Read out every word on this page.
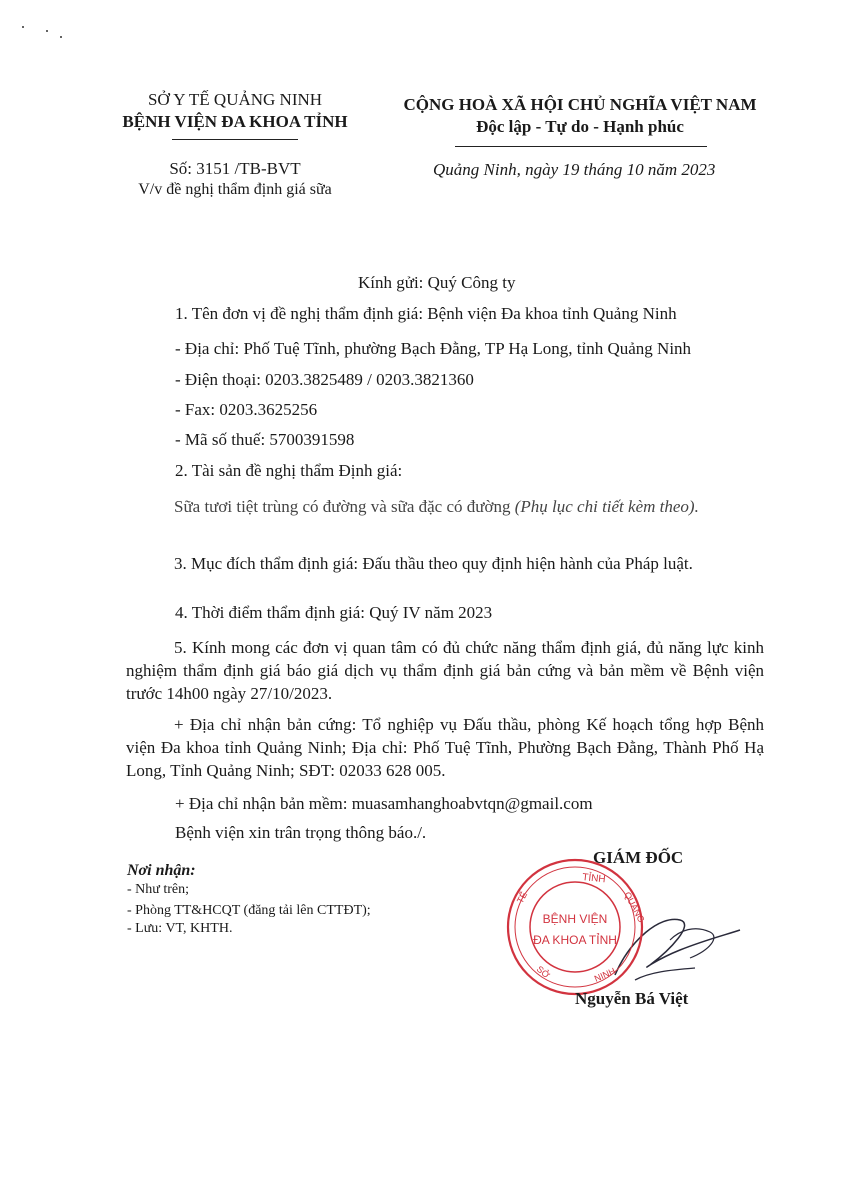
SỞ Y TẾ QUẢNG NINH
BỆNH VIỆN ĐA KHOA TỈNH
Số: 3151 /TB-BVT
V/v đề nghị thẩm định giá sữa
CỘNG HOÀ XÃ HỘI CHỦ NGHĨA VIỆT NAM
Độc lập - Tự do - Hạnh phúc
Quảng Ninh, ngày 19 tháng 10 năm 2023
Kính gửi: Quý Công ty
1. Tên đơn vị đề nghị thẩm định giá: Bệnh viện Đa khoa tỉnh Quảng Ninh
- Địa chỉ: Phố Tuệ Tĩnh, phường Bạch Đằng, TP Hạ Long, tỉnh Quảng Ninh
- Điện thoại: 0203.3825489 / 0203.3821360
- Fax: 0203.3625256
- Mã số thuế: 5700391598
2. Tài sản đề nghị thẩm Định giá:
Sữa tươi tiệt trùng có đường và sữa đặc có đường (Phụ lục chi tiết kèm theo).
3. Mục đích thẩm định giá: Đấu thầu theo quy định hiện hành của Pháp luật.
4. Thời điểm thẩm định giá: Quý IV năm 2023
5. Kính mong các đơn vị quan tâm có đủ chức năng thẩm định giá, đủ năng lực kinh nghiệm thẩm định giá báo giá dịch vụ thẩm định giá bản cứng và bản mềm về Bệnh viện trước 14h00 ngày 27/10/2023.
+ Địa chỉ nhận bản cứng: Tổ nghiệp vụ Đấu thầu, phòng Kế hoạch tổng hợp Bệnh viện Đa khoa tỉnh Quảng Ninh; Địa chỉ: Phố Tuệ Tĩnh, Phường Bạch Đằng, Thành Phố Hạ Long, Tỉnh Quảng Ninh; SĐT: 02033 628 005.
+ Địa chỉ nhận bản mềm: muasamhanghoabvtqn@gmail.com
Bệnh viện xin trân trọng thông báo./.
Nơi nhận:
- Như trên;
- Phòng TT&HCQT (đăng tải lên CTTĐT);
- Lưu: VT, KHTH.
GIÁM ĐỐC
TỈNH
QUẢNG
TẾ
NINH
SỞ
BỆNH VIỆN
ĐA KHOA TỈNH
Nguyễn Bá Việt
